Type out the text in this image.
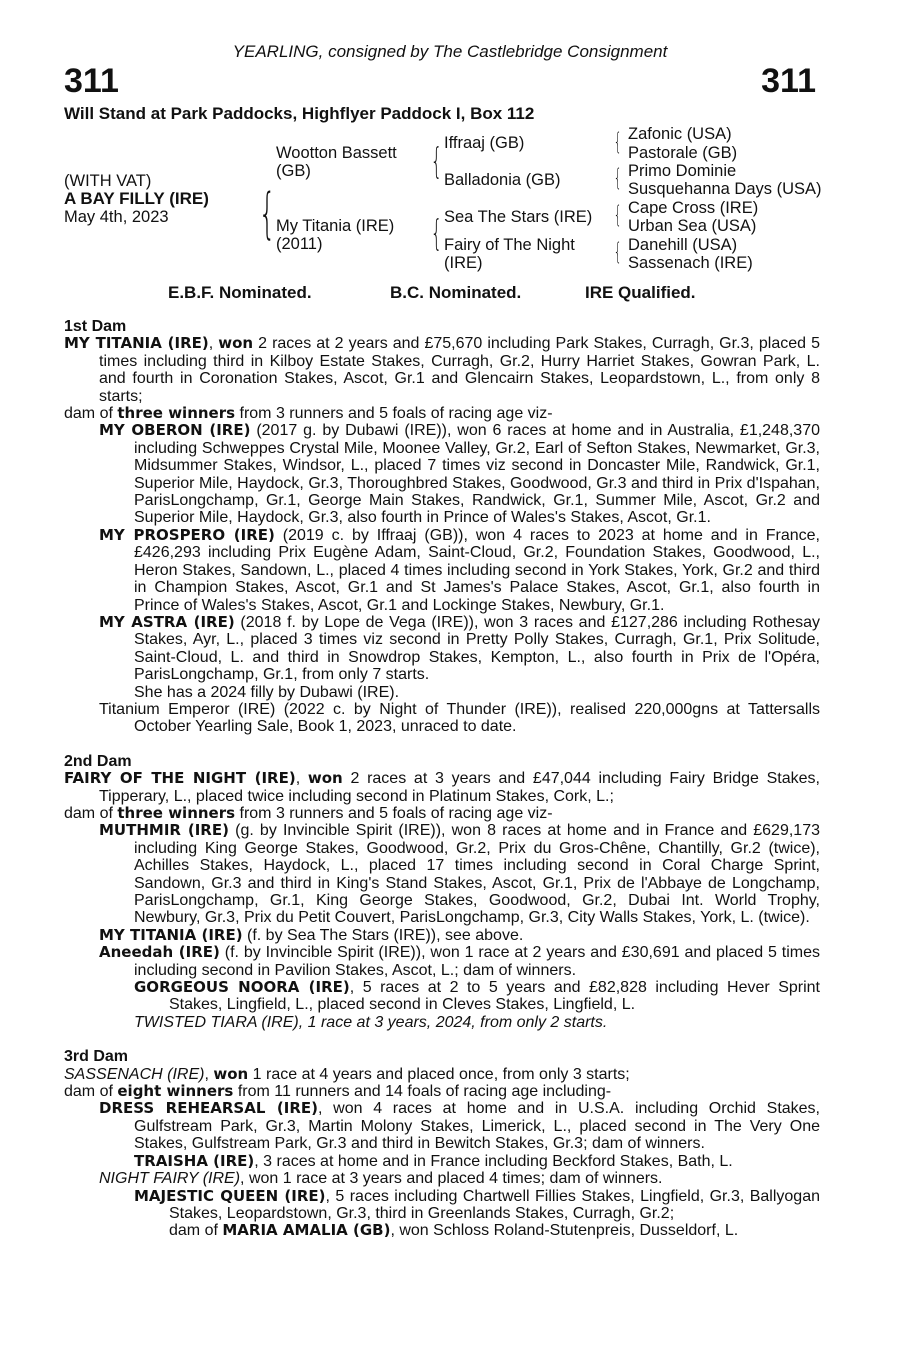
YEARLING, consigned by The Castlebridge Consignment
311	311
Will Stand at Park Paddocks, Highflyer Paddock I, Box 112
(WITH VAT)
A BAY FILLY (IRE)
May 4th, 2023 {
Wootton Bassett
(GB)
My Titania (IRE)
(2011)
{
{
Iffraaj (GB)
Balladonia (GB)
Sea The Stars (IRE)
Fairy of The Night
(IRE)
{
{
{
{
Zafonic (USA)
Pastorale (GB)
Primo Dominie
Susquehanna Days (USA)
Cape Cross (IRE)
Urban Sea (USA)
Danehill (USA)
Sassenach (IRE)
E.B.F. Nominated.	B.C. Nominated.	IRE Qualified.

1st Dam

MY TITANIA (IRE), won 2 races at 2 years and £75,670 including Park Stakes, Curragh, Gr.3, placed 5 times including third in Kilboy Estate Stakes, Curragh, Gr.2, Hurry Harriet Stakes, Gowran Park, L. and fourth in Coronation Stakes, Ascot, Gr.1 and Glencairn Stakes, Leopardstown, L., from only 8 starts;

dam of three winners from 3 runners and 5 foals of racing age viz-

MY OBERON (IRE) (2017 g. by Dubawi (IRE)), won 6 races at home and in Australia, £1,248,370 including Schweppes Crystal Mile, Moonee Valley, Gr.2, Earl of Sefton Stakes, Newmarket, Gr.3, Midsummer Stakes, Windsor, L., placed 7 times viz second in Doncaster Mile, Randwick, Gr.1, Superior Mile, Haydock, Gr.3, Thoroughbred Stakes, Goodwood, Gr.3 and third in Prix d'Ispahan, ParisLongchamp, Gr.1, George Main Stakes, Randwick, Gr.1, Summer Mile, Ascot, Gr.2 and Superior Mile, Haydock, Gr.3, also fourth in Prince of Wales's Stakes, Ascot, Gr.1.

MY PROSPERO (IRE) (2019 c. by Iffraaj (GB)), won 4 races to 2023 at home and in France, £426,293 including Prix Eugène Adam, Saint-Cloud, Gr.2, Foundation Stakes, Goodwood, L., Heron Stakes, Sandown, L., placed 4 times including second in York Stakes, York, Gr.2 and third in Champion Stakes, Ascot, Gr.1 and St James's Palace Stakes, Ascot, Gr.1, also fourth in Prince of Wales's Stakes, Ascot, Gr.1 and Lockinge Stakes, Newbury, Gr.1.

MY ASTRA (IRE) (2018 f. by Lope de Vega (IRE)), won 3 races and £127,286 including Rothesay Stakes, Ayr, L., placed 3 times viz second in Pretty Polly Stakes, Curragh, Gr.1, Prix Solitude, Saint-Cloud, L. and third in Snowdrop Stakes, Kempton, L., also fourth in Prix de l'Opéra, ParisLongchamp, Gr.1, from only 7 starts.

She has a 2024 filly by Dubawi (IRE).

Titanium Emperor (IRE) (2022 c. by Night of Thunder (IRE)), realised 220,000gns at Tattersalls October Yearling Sale, Book 1, 2023, unraced to date.

2nd Dam

FAIRY OF THE NIGHT (IRE), won 2 races at 3 years and £47,044 including Fairy Bridge Stakes, Tipperary, L., placed twice including second in Platinum Stakes, Cork, L.;

dam of three winners from 3 runners and 5 foals of racing age viz-

MUTHMIR (IRE) (g. by Invincible Spirit (IRE)), won 8 races at home and in France and £629,173 including King George Stakes, Goodwood, Gr.2, Prix du Gros-Chêne, Chantilly, Gr.2 (twice), Achilles Stakes, Haydock, L., placed 17 times including second in Coral Charge Sprint, Sandown, Gr.3 and third in King's Stand Stakes, Ascot, Gr.1, Prix de l'Abbaye de Longchamp, ParisLongchamp, Gr.1, King George Stakes, Goodwood, Gr.2, Dubai Int. World Trophy, Newbury, Gr.3, Prix du Petit Couvert, ParisLongchamp, Gr.3, City Walls Stakes, York, L. (twice).

MY TITANIA (IRE) (f. by Sea The Stars (IRE)), see above.

Aneedah (IRE) (f. by Invincible Spirit (IRE)), won 1 race at 2 years and £30,691 and placed 5 times including second in Pavilion Stakes, Ascot, L.; dam of winners.

GORGEOUS NOORA (IRE), 5 races at 2 to 5 years and £82,828 including Hever Sprint Stakes, Lingfield, L., placed second in Cleves Stakes, Lingfield, L.

TWISTED TIARA (IRE), 1 race at 3 years, 2024, from only 2 starts.

3rd Dam

SASSENACH (IRE), won 1 race at 4 years and placed once, from only 3 starts;

dam of eight winners from 11 runners and 14 foals of racing age including-

DRESS REHEARSAL (IRE), won 4 races at home and in U.S.A. including Orchid Stakes, Gulfstream Park, Gr.3, Martin Molony Stakes, Limerick, L., placed second in The Very One Stakes, Gulfstream Park, Gr.3 and third in Bewitch Stakes, Gr.3; dam of winners.

TRAISHA (IRE), 3 races at home and in France including Beckford Stakes, Bath, L.

NIGHT FAIRY (IRE), won 1 race at 3 years and placed 4 times; dam of winners.

MAJESTIC QUEEN (IRE), 5 races including Chartwell Fillies Stakes, Lingfield, Gr.3, Ballyogan Stakes, Leopardstown, Gr.3, third in Greenlands Stakes, Curragh, Gr.2;

dam of MARIA AMALIA (GB), won Schloss Roland-Stutenpreis, Dusseldorf, L.
